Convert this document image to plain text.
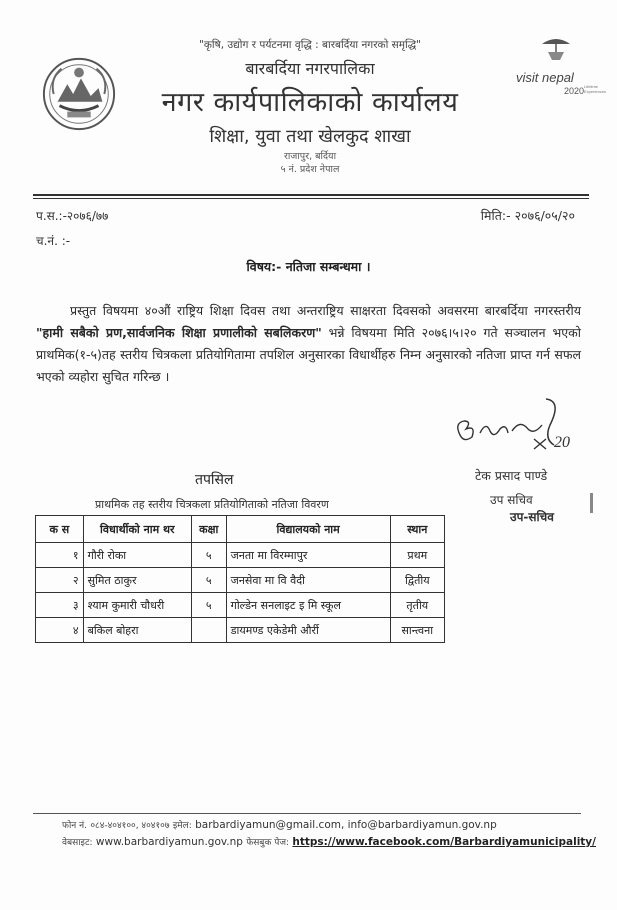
"कृषि, उद्योग र पर्यटनमा वृद्धि : बारबर्दिया नगरको समृद्धि"
बारबर्दिया नगरपालिका
नगर कार्यपालिकाको कार्यालय
शिक्षा, युवा तथा खेलकुद शाखा
राजापुर, बर्दिया
५ नं. प्रदेश नेपाल
visit nepal
2020 Lifetime
Experiences
प.स.:-२०७६/७७
च.नं. :-
मिति:- २०७६/०५/२०
विषय:- नतिजा सम्बन्धमा ।

प्रस्तुत विषयमा ४०औं राष्ट्रिय शिक्षा दिवस तथा अन्तराष्ट्रिय साक्षरता दिवसको अवसरमा बारबर्दिया नगरस्तरीय "हामी सबैको प्रण,सार्वजनिक शिक्षा प्रणालीको सबलिकरण" भन्ने विषयमा मिति २०७६।५।२० गते सञ्चालन भएको प्राथमिक(१-५)तह स्तरीय चित्रकला प्रतियोगितामा तपशिल अनुसारका विधार्थीहरु निम्न अनुसारको नतिजा प्राप्त गर्न सफल भएको व्यहोरा सुचित गरिन्छ ।

20
टेक प्रसाद पाण्डे
उप सचिव
उप-सचिव
तपसिल
प्राथमिक तह स्तरीय चित्रकला प्रतियोगिताको नतिजा विवरण
क स	विधार्थीको नाम थर	कक्षा	विद्यालयको नाम	स्थान
१	गौरी रोका	५	जनता मा विरम्मापुर	प्रथम
२	सुमित ठाकुर	५	जनसेवा मा वि वैदी	द्वितीय
३	श्याम कुमारी चौधरी	५	गोल्डेन सनलाइट इ मि स्कूल	तृतीय
४	बकिल बोहरा		डायमण्ड एकेडेमी और्री	सान्त्वना
फोन नं. ०८४-४०४१००, ४०४१०७ इमेल: barbardiyamun@gmail.com, info@barbardiyamun.gov.np
वेबसाइट: www.barbardiyamun.gov.np फेसबुक पेज: https://www.facebook.com/Barbardiyamunicipality/
